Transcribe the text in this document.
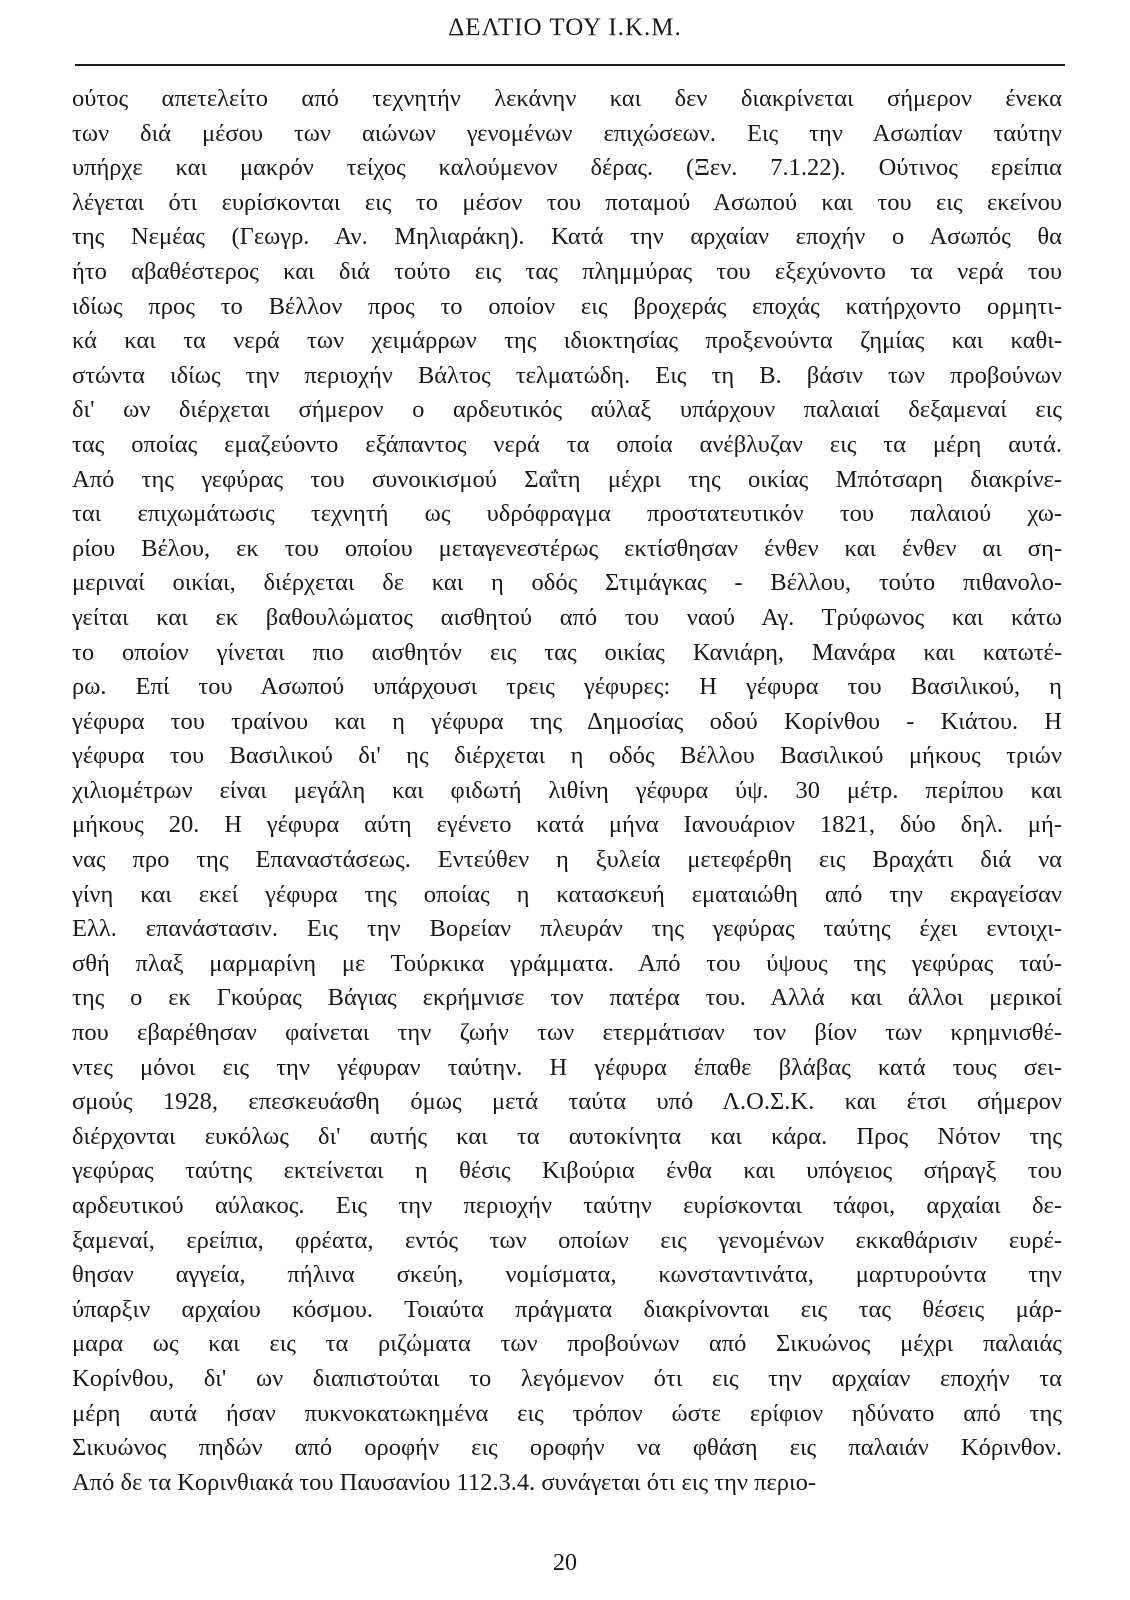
ΔΕΛΤΙΟ ΤΟΥ Ι.Κ.Μ.
ούτος απετελείτο από τεχνητήν λεκάνην και δεν διακρίνεται σήμερον ένεκα
των διά μέσου των αιώνων γενομένων επιχώσεων. Εις την Ασωπίαν ταύτην
υπήρχε και μακρόν τείχος καλούμενον δέρας. (Ξεν. 7.1.22). Ούτινος ερείπια
λέγεται ότι ευρίσκονται εις το μέσον του ποταμού Ασωπού και του εις εκείνου
της Νεμέας (Γεωγρ. Αν. Μηλιαράκη). Κατά την αρχαίαν εποχήν ο Ασωπός θα
ήτο αβαθέστερος και διά τούτο εις τας πλημμύρας του εξεχύνοντο τα νερά του
ιδίως προς το Βέλλον προς το οποίον εις βροχεράς εποχάς κατήρχοντο ορμητι-
κά και τα νερά των χειμάρρων της ιδιοκτησίας προξενούντα ζημίας και καθι-
στώντα ιδίως την περιοχήν Βάλτος τελματώδη. Εις τη Β. βάσιν των προβούνων
δι' ων διέρχεται σήμερον ο αρδευτικός αύλαξ υπάρχουν παλαιαί δεξαμεναί εις
τας οποίας εμαζεύοντο εξάπαντος νερά τα οποία ανέβλυζαν εις τα μέρη αυτά.
Από της γεφύρας του συνοικισμού Σαΐτη μέχρι της οικίας Μπότσαρη διακρίνε-
ται επιχωμάτωσις τεχνητή ως υδρόφραγμα προστατευτικόν του παλαιού χω-
ρίου Βέλου, εκ του οποίου μεταγενεστέρως εκτίσθησαν ένθεν και ένθεν αι ση-
μεριναί οικίαι, διέρχεται δε και η οδός Στιμάγκας - Βέλλου, τούτο πιθανολο-
γείται και εκ βαθουλώματος αισθητού από του ναού Αγ. Τρύφωνος και κάτω
το οποίον γίνεται πιο αισθητόν εις τας οικίας Κανιάρη, Μανάρα και κατωτέ-
ρω. Επί του Ασωπού υπάρχουσι τρεις γέφυρες: Η γέφυρα του Βασιλικού, η
γέφυρα του τραίνου και η γέφυρα της Δημοσίας οδού Κορίνθου - Κιάτου. Η
γέφυρα του Βασιλικού δι' ης διέρχεται η οδός Βέλλου Βασιλικού μήκους τριών
χιλιομέτρων είναι μεγάλη και φιδωτή λιθίνη γέφυρα ύψ. 30 μέτρ. περίπου και
μήκους 20. Η γέφυρα αύτη εγένετο κατά μήνα Ιανουάριον 1821, δύο δηλ. μή-
νας προ της Επαναστάσεως. Εντεύθεν η ξυλεία μετεφέρθη εις Βραχάτι διά να
γίνη και εκεί γέφυρα της οποίας η κατασκευή εματαιώθη από την εκραγείσαν
Ελλ. επανάστασιν. Εις την Βορείαν πλευράν της γεφύρας ταύτης έχει εντοιχι-
σθή πλαξ μαρμαρίνη με Τούρκικα γράμματα. Από του ύψους της γεφύρας ταύ-
της ο εκ Γκούρας Βάγιας εκρήμνισε τον πατέρα του. Αλλά και άλλοι μερικοί
που εβαρέθησαν φαίνεται την ζωήν των ετερμάτισαν τον βίον των κρημνισθέ-
ντες μόνοι εις την γέφυραν ταύτην. Η γέφυρα έπαθε βλάβας κατά τους σει-
σμούς 1928, επεσκευάσθη όμως μετά ταύτα υπό Λ.Ο.Σ.Κ. και έτσι σήμερον
διέρχονται ευκόλως δι' αυτής και τα αυτοκίνητα και κάρα. Προς Νότον της
γεφύρας ταύτης εκτείνεται η θέσις Κιβούρια ένθα και υπόγειος σήραγξ του
αρδευτικού αύλακος. Εις την περιοχήν ταύτην ευρίσκονται τάφοι, αρχαίαι δε-
ξαμεναί, ερείπια, φρέατα, εντός των οποίων εις γενομένων εκκαθάρισιν ευρέ-
θησαν αγγεία, πήλινα σκεύη, νομίσματα, κωνσταντινάτα, μαρτυρούντα την
ύπαρξιν αρχαίου κόσμου. Τοιαύτα πράγματα διακρίνονται εις τας θέσεις μάρ-
μαρα ως και εις τα ριζώματα των προβούνων από Σικυώνος μέχρι παλαιάς
Κορίνθου, δι' ων διαπιστούται το λεγόμενον ότι εις την αρχαίαν εποχήν τα
μέρη αυτά ήσαν πυκνοκατωκημένα εις τρόπον ώστε ερίφιον ηδύνατο από της
Σικυώνος πηδών από οροφήν εις οροφήν να φθάση εις παλαιάν Κόρινθον.
Από δε τα Κορινθιακά του Παυσανίου 112.3.4. συνάγεται ότι εις την περιο-
20
